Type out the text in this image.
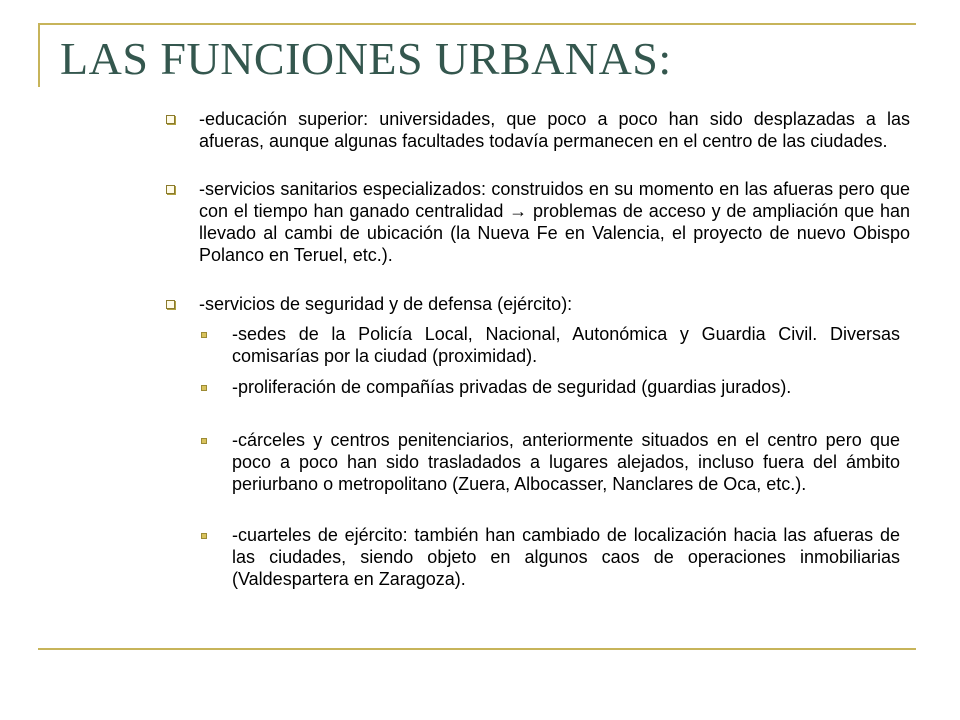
LAS FUNCIONES URBANAS:
-educación superior: universidades, que poco a poco han sido desplazadas a las afueras, aunque algunas facultades todavía permanecen en el centro de las ciudades.
-servicios sanitarios especializados: construidos en su momento en las afueras pero que con el tiempo han ganado centralidad → problemas de acceso y de ampliación que han llevado al cambi de ubicación (la Nueva Fe en Valencia, el proyecto de nuevo Obispo Polanco en Teruel, etc.).
-servicios de seguridad y de defensa (ejército):
-sedes de la Policía Local, Nacional, Autonómica y Guardia Civil. Diversas comisarías por la ciudad (proximidad).
-proliferación de compañías privadas de seguridad (guardias jurados).
-cárceles y centros penitenciarios, anteriormente situados en el centro pero que poco a poco han sido trasladados a lugares alejados, incluso fuera del ámbito periurbano o metropolitano (Zuera, Albocasser, Nanclares de Oca, etc.).
-cuarteles de ejército: también han cambiado de localización hacia las afueras de las ciudades, siendo objeto en algunos caos de operaciones inmobiliarias (Valdespartera en Zaragoza).
